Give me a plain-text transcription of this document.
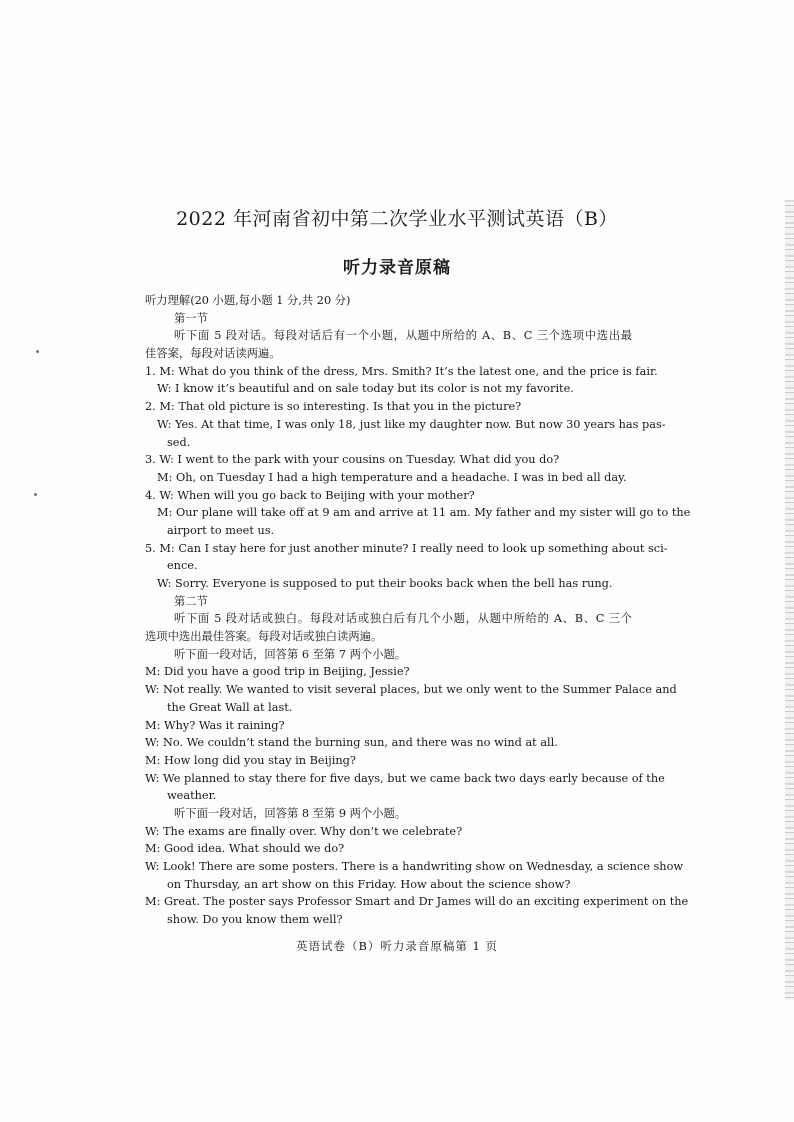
2022 年河南省初中第二次学业水平测试英语（B）
听力录音原稿
听力理解(20 小题,每小题 1 分,共 20 分)
第一节
听下面 5 段对话。每段对话后有一个小题，从题中所给的 A、B、C 三个选项中选出最
佳答案，每段对话读两遍。
1. M: What do you think of the dress, Mrs. Smith? It’s the latest one, and the price is fair.
W: I know it’s beautiful and on sale today but its color is not my favorite.
2. M: That old picture is so interesting. Is that you in the picture?
W: Yes. At that time, I was only 18, just like my daughter now. But now 30 years has pas-
sed.
3. W: I went to the park with your cousins on Tuesday. What did you do?
M: Oh, on Tuesday I had a high temperature and a headache. I was in bed all day.
4. W: When will you go back to Beijing with your mother?
M: Our plane will take off at 9 am and arrive at 11 am. My father and my sister will go to the
airport to meet us.
5. M: Can I stay here for just another minute? I really need to look up something about sci-
ence.
W: Sorry. Everyone is supposed to put their books back when the bell has rung.
第二节
听下面 5 段对话或独白。每段对话或独白后有几个小题，从题中所给的 A、B、C 三个
选项中选出最佳答案。每段对话或独白读两遍。
听下面一段对话，回答第 6 至第 7 两个小题。
M: Did you have a good trip in Beijing, Jessie?
W: Not really. We wanted to visit several places, but we only went to the Summer Palace and
the Great Wall at last.
M: Why? Was it raining?
W: No. We couldn’t stand the burning sun, and there was no wind at all.
M: How long did you stay in Beijing?
W: We planned to stay there for five days, but we came back two days early because of the
weather.
听下面一段对话，回答第 8 至第 9 两个小题。
W: The exams are finally over. Why don’t we celebrate?
M: Good idea. What should we do?
W: Look! There are some posters. There is a handwriting show on Wednesday, a science show
on Thursday, an art show on this Friday. How about the science show?
M: Great. The poster says Professor Smart and Dr James will do an exciting experiment on the
show. Do you know them well?
英语试卷（B）听力录音原稿第 1 页
